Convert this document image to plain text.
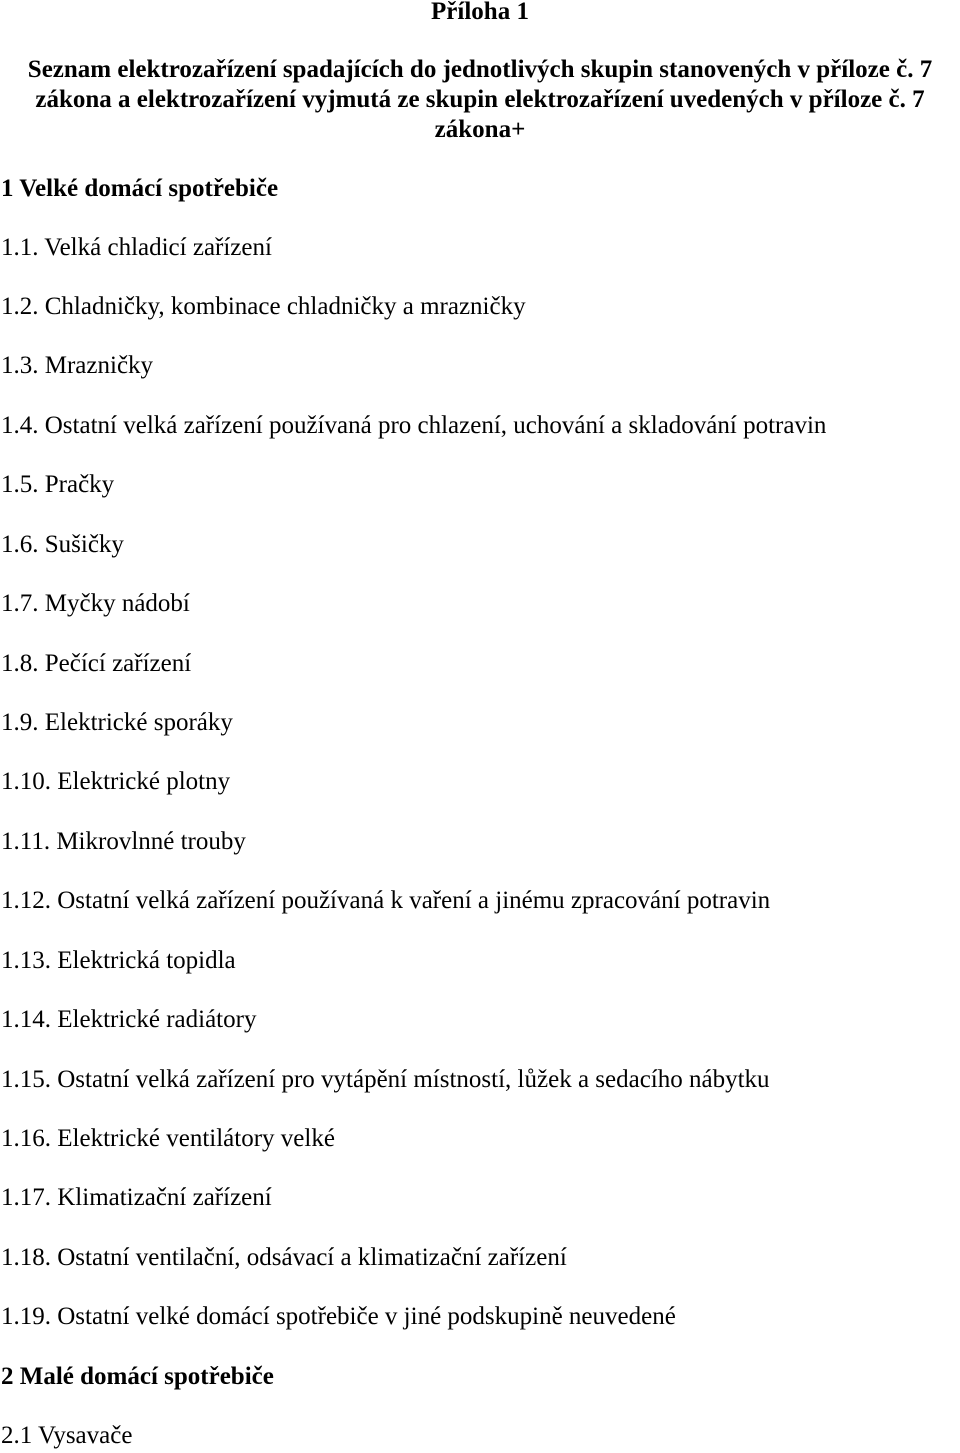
Příloha 1
Seznam elektrozařízení spadajících do jednotlivých skupin stanovených v příloze č. 7
zákona a elektrozařízení vyjmutá ze skupin elektrozařízení uvedených v příloze č. 7
zákona+
1 Velké domácí spotřebiče
1.1. Velká chladicí zařízení
1.2. Chladničky, kombinace chladničky a mrazničky
1.3. Mrazničky
1.4. Ostatní velká zařízení používaná pro chlazení, uchování a skladování potravin
1.5. Pračky
1.6. Sušičky
1.7. Myčky nádobí
1.8. Pečící zařízení
1.9. Elektrické sporáky
1.10. Elektrické plotny
1.11. Mikrovlnné trouby
1.12. Ostatní velká zařízení používaná k vaření a jinému zpracování potravin
1.13. Elektrická topidla
1.14. Elektrické radiátory
1.15. Ostatní velká zařízení pro vytápění místností, lůžek a sedacího nábytku
1.16. Elektrické ventilátory velké
1.17. Klimatizační zařízení
1.18. Ostatní ventilační, odsávací a klimatizační zařízení
1.19. Ostatní velké domácí spotřebiče v jiné podskupině neuvedené
2 Malé domácí spotřebiče
2.1 Vysavače
